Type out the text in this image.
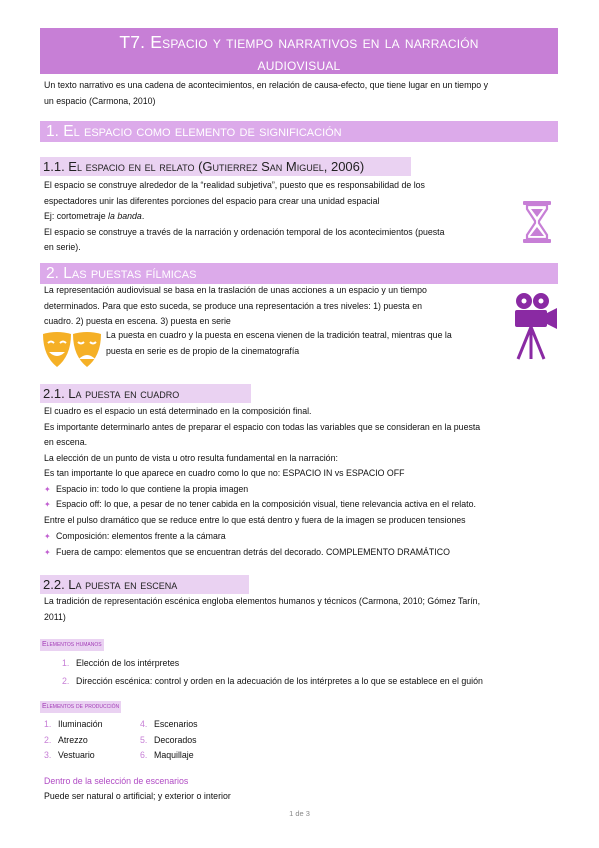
T7. Espacio y tiempo narrativos en la narración
audiovisual
Un texto narrativo es una cadena de acontecimientos, en relación de causa-efecto, que tiene lugar en un tiempo y
un espacio (Carmona, 2010)
1. El espacio como elemento de significación
1.1. El espacio en el relato (Gutierrez San Miguel, 2006)
El espacio se construye alrededor de la “realidad subjetiva”, puesto que es responsabilidad de los
espectadores unir las diferentes porciones del espacio para crear una unidad espacial
Ej: cortometraje la banda.
El espacio se construye a través de la narración y ordenación temporal de los acontecimientos (puesta
en serie).
2. Las puestas fílmicas
La representación audiovisual se basa en la traslación de unas acciones a un espacio y un tiempo
determinados. Para que esto suceda, se produce una representación a tres niveles: 1) puesta en
cuadro. 2) puesta en escena. 3) puesta en serie
La puesta en cuadro y la puesta en escena vienen de la tradición teatral, mientras que la
puesta en serie es de propio de la cinematografía
2.1. La puesta en cuadro
El cuadro es el espacio un está determinado en la composición final.
Es importante determinarlo antes de preparar el espacio con todas las variables que se consideran en la puesta
en escena.
La elección de un punto de vista u otro resulta fundamental en la narración:
Es tan importante lo que aparece en cuadro como lo que no: ESPACIO IN vs ESPACIO OFF
✦ Espacio in: todo lo que contiene la propia imagen
✦ Espacio off: lo que, a pesar de no tener cabida en la composición visual, tiene relevancia activa en el relato.
Entre el pulso dramático que se reduce entre lo que está dentro y fuera de la imagen se producen tensiones
✦ Composición: elementos frente a la cámara
✦ Fuera de campo: elementos que se encuentran detrás del decorado. COMPLEMENTO DRAMÁTICO
2.2. La puesta en escena
La tradición de representación escénica engloba elementos humanos y técnicos (Carmona, 2010; Gómez Tarín,
2011)
Elementos humanos
1. Elección de los intérpretes
2. Dirección escénica: control y orden en la adecuación de los intérpretes a lo que se establece en el guión
Elementos de producción
1. Iluminación
2. Atrezzo
3. Vestuario
4. Escenarios
5. Decorados
6. Maquillaje
Dentro de la selección de escenarios
Puede ser natural o artificial; y exterior o interior
1 de 3
